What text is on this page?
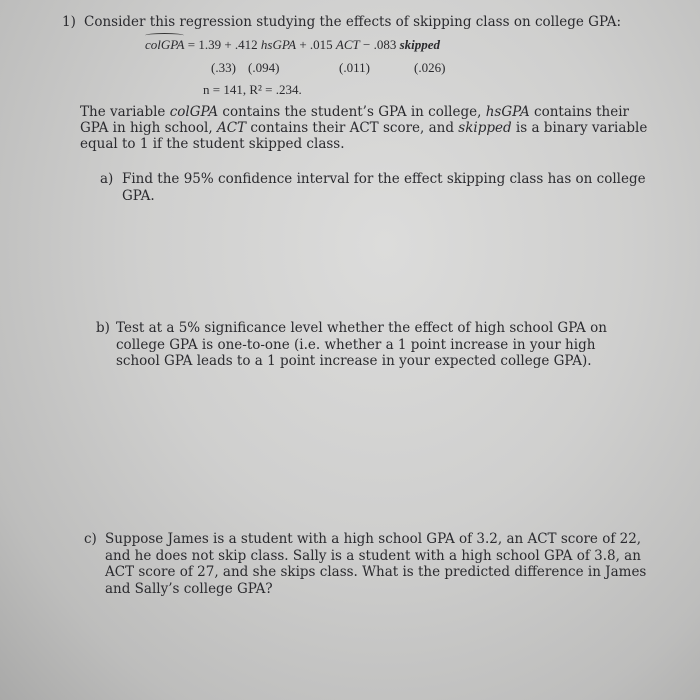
1) Consider this regression studying the effects of skipping class on college GPA:
colGPA = 1.39 + .412 hsGPA + .015 ACT − .083 skipped
(.33) (.094)	(.011)	(.026)
n = 141, R² = .234.
The variable colGPA contains the student’s GPA in college, hsGPA contains their GPA in high school, ACT contains their ACT score, and skipped is a binary variable equal to 1 if the student skipped class.
a) Find the 95% confidence interval for the effect skipping class has on college GPA.
b) Test at a 5% significance level whether the effect of high school GPA on college GPA is one-to-one (i.e. whether a 1 point increase in your high school GPA leads to a 1 point increase in your expected college GPA).
c) Suppose James is a student with a high school GPA of 3.2, an ACT score of 22, and he does not skip class. Sally is a student with a high school GPA of 3.8, an ACT score of 27, and she skips class. What is the predicted difference in James and Sally’s college GPA?
